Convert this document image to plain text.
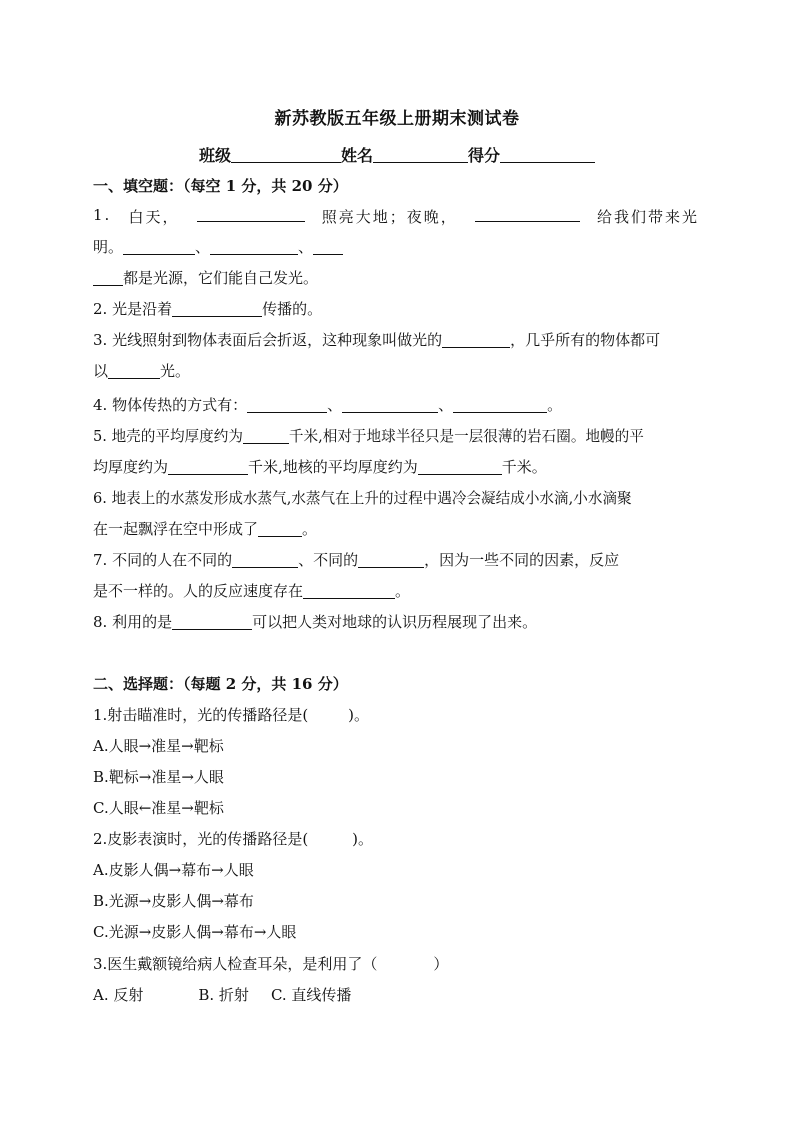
新苏教版五年级上册期末测试卷
班级	姓名	得分
一、填空题：（每空 1 分，共 20 分）
1. 白天，	照亮大地；夜晚，	给我们带来光
明。	、	、
都是光源，它们能自己发光。
2. 光是沿着	传播的。
3. 光线照射到物体表面后会折返，这种现象叫做光的	，几乎所有的物体都可
以	光。
4. 物体传热的方式有：	、	、	。
5. 地壳的平均厚度约为	千米,相对于地球半径只是一层很薄的岩石圈。地幔的平
均厚度约为	千米,地核的平均厚度约为	千米。
6. 地表上的水蒸发形成水蒸气,水蒸气在上升的过程中遇冷会凝结成小水滴,小水滴聚
在一起飘浮在空中形成了	。
7. 不同的人在不同的	、不同的	，因为一些不同的因素，反应
是不一样的。人的反应速度存在	。
8. 利用的是	可以把人类对地球的认识历程展现了出来。
二、选择题：（每题 2 分，共 16 分）
1.射击瞄准时，光的传播路径是(	)。
A.人眼→准星→靶标
B.靶标→准星→人眼
C.人眼←准星→靶标
2.皮影表演时，光的传播路径是(	)。
A.皮影人偶→幕布→人眼
B.光源→皮影人偶→幕布
C.光源→皮影人偶→幕布→人眼
3.医生戴额镜给病人检查耳朵，是利用了（	）
A. 反射	B. 折射 C. 直线传播
